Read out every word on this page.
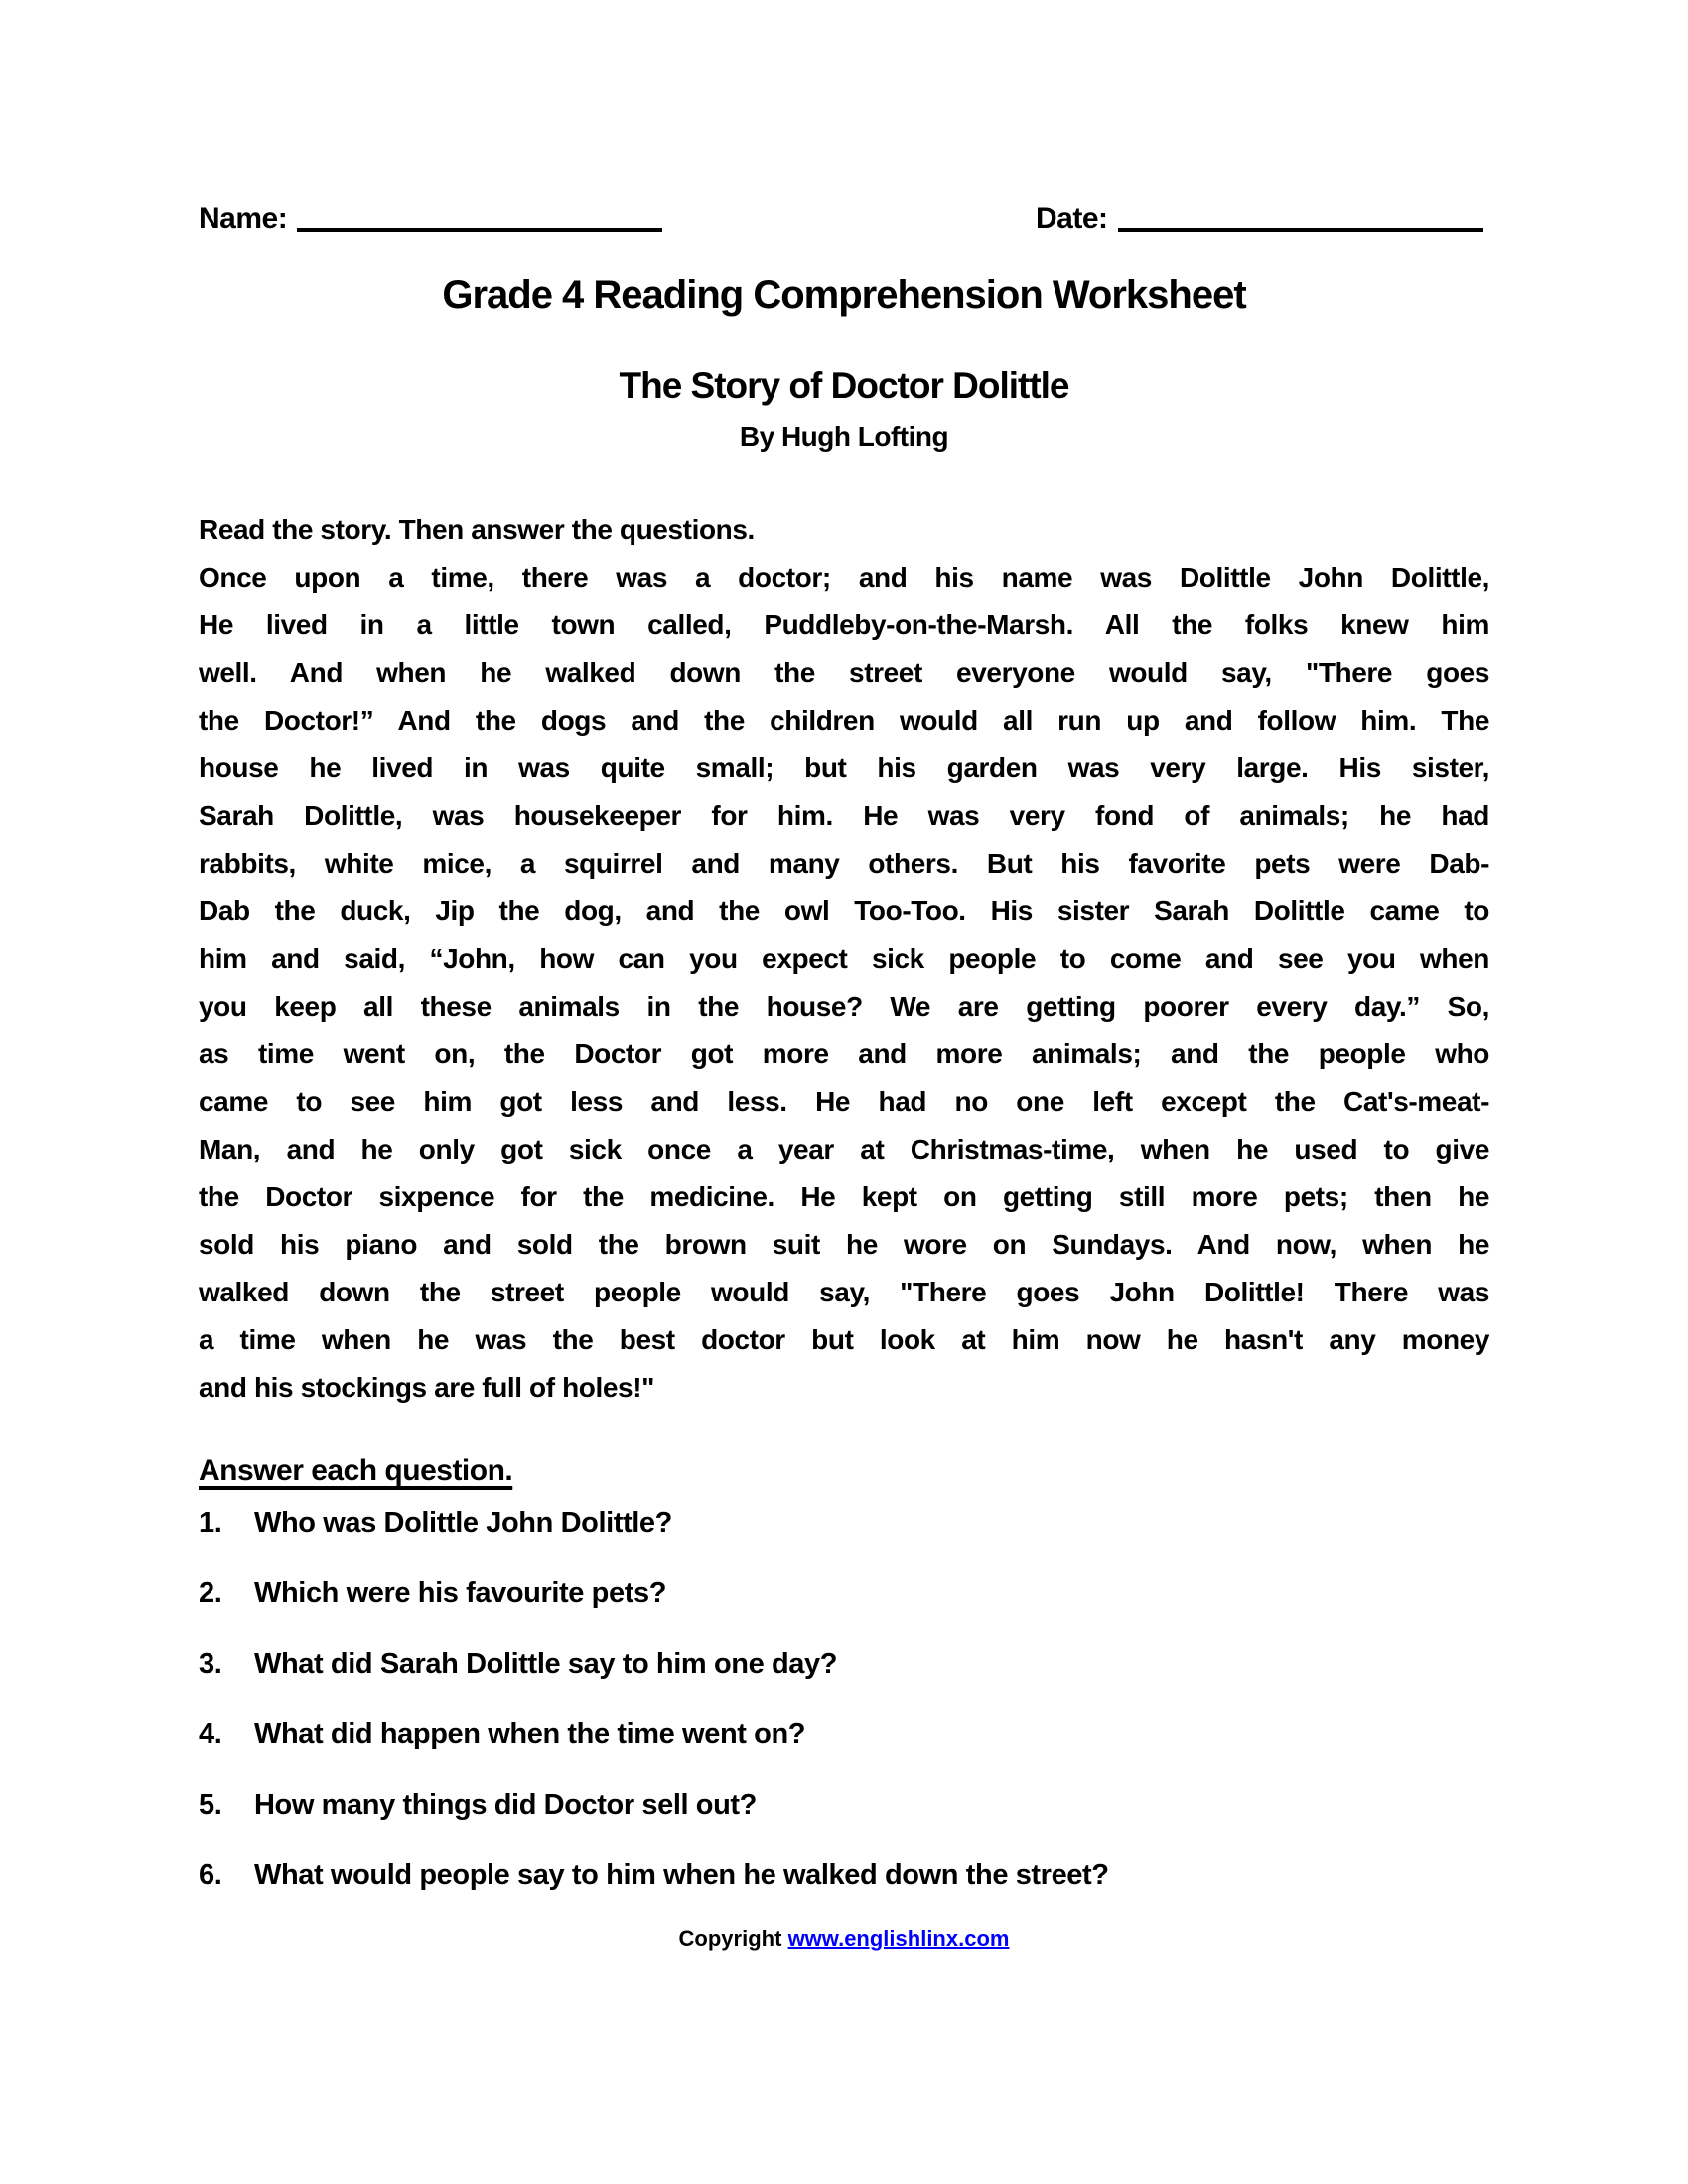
Name:	Date:
Grade 4 Reading Comprehension Worksheet
The Story of Doctor Dolittle
By Hugh Lofting
Read the story. Then answer the questions.
Once upon a time, there was a doctor; and his name was Dolittle John Dolittle,
He lived in a little town called, Puddleby-on-the-Marsh. All the folks knew him
well. And when he walked down the street everyone would say, "There goes
the Doctor!” And the dogs and the children would all run up and follow him. The
house he lived in was quite small; but his garden was very large. His sister,
Sarah Dolittle, was housekeeper for him. He was very fond of animals; he had
rabbits, white mice, a squirrel and many others. But his favorite pets were Dab-
Dab the duck, Jip the dog, and the owl Too-Too. His sister Sarah Dolittle came to
him and said, “John, how can you expect sick people to come and see you when
you keep all these animals in the house? We are getting poorer every day.” So,
as time went on, the Doctor got more and more animals; and the people who
came to see him got less and less. He had no one left except the Cat's-meat-
Man, and he only got sick once a year at Christmas-time, when he used to give
the Doctor sixpence for the medicine. He kept on getting still more pets; then he
sold his piano and sold the brown suit he wore on Sundays. And now, when he
walked down the street people would say, "There goes John Dolittle! There was
a time when he was the best doctor but look at him now he hasn't any money
and his stockings are full of holes!"
Answer each question.
1.	Who was Dolittle John Dolittle?
2.	Which were his favourite pets?
3.	What did Sarah Dolittle say to him one day?
4.	What did happen when the time went on?
5.	How many things did Doctor sell out?
6.	What would people say to him when he walked down the street?
Copyright www.englishlinx.com
